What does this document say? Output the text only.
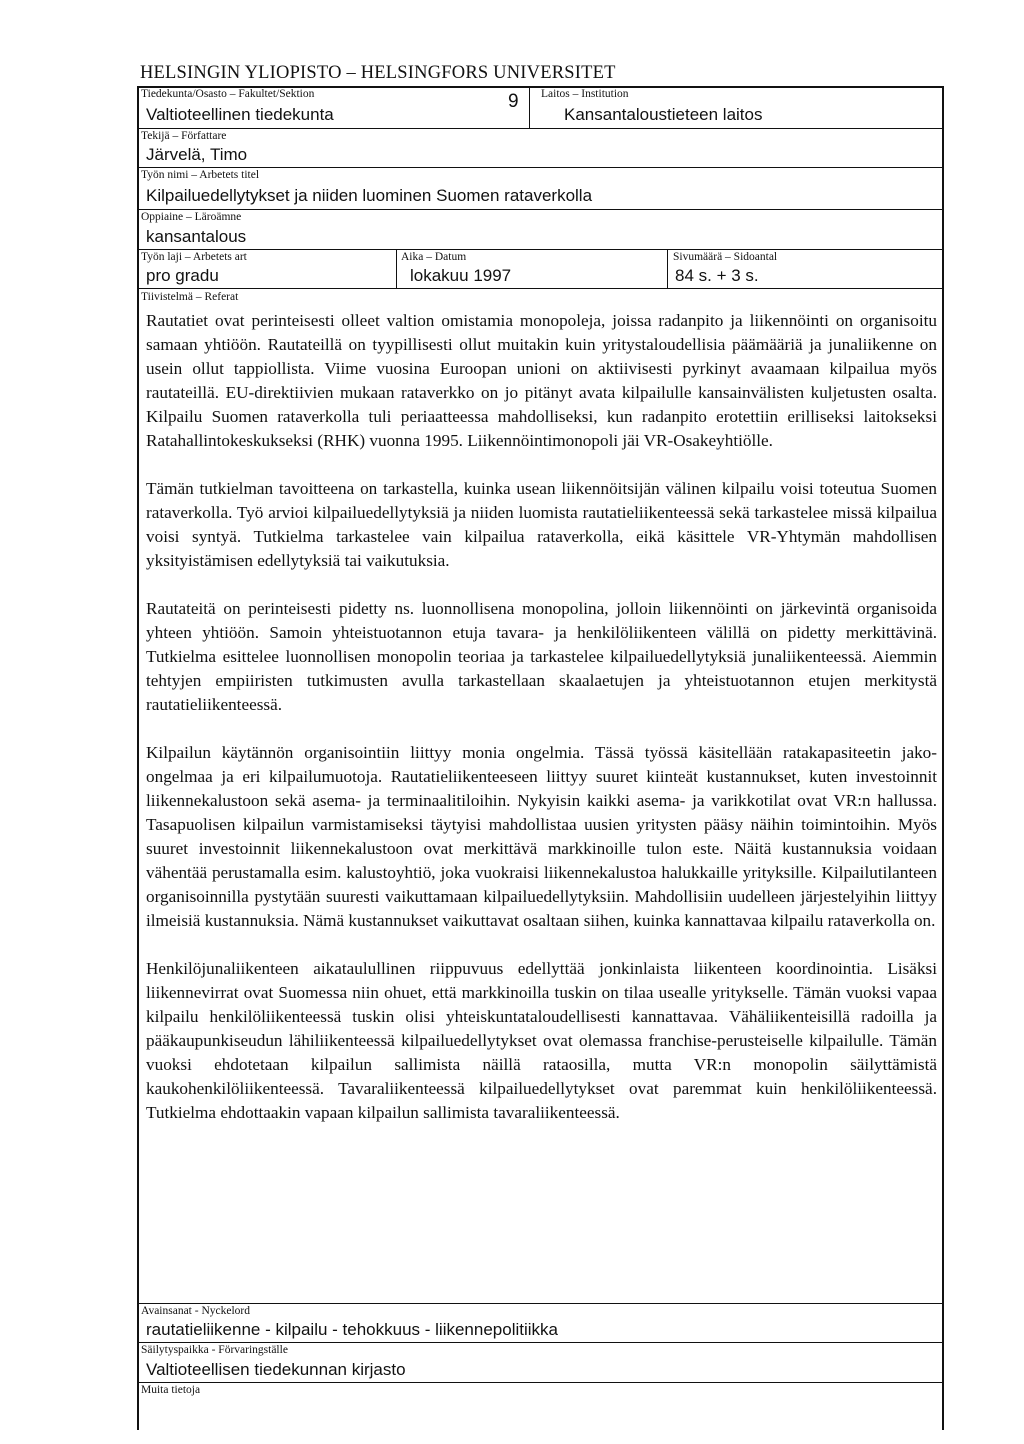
HELSINGIN YLIOPISTO – HELSINGFORS UNIVERSITET
Tiedekunta/Osasto – Fakultet/Sektion
Valtioteellinen tiedekunta
9 Laitos – Institution
Kansantaloustieteen laitos
Tekijä – Författare
Järvelä, Timo
Työn nimi – Arbetets titel
Kilpailuedellytykset ja niiden luominen Suomen rataverkolla
Oppiaine – Läroämne
kansantalous
Työn laji – Arbetets art
pro gradu
Aika – Datum
lokakuu 1997
Sivumäärä – Sidoantal
84 s. + 3 s.
Tiivistelmä – Referat

Rautatiet ovat perinteisesti olleet valtion omistamia monopoleja, joissa radanpito ja liikennöinti on organisoitu samaan yhtiöön. Rautateillä on tyypillisesti ollut muitakin kuin yritystaloudellisia päämääriä ja junaliikenne on usein ollut tappiollista. Viime vuosina Euroopan unioni on aktiivisesti pyrkinyt avaamaan kilpailua myös rautateillä. EU-direktiivien mukaan rataverkko on jo pitänyt avata kilpailulle kansainvälisten kuljetusten osalta. Kilpailu Suomen rataverkolla tuli periaatteessa mahdolliseksi, kun radanpito erotettiin erilliseksi laitokseksi Ratahallintokeskukseksi (RHK) vuonna 1995. Liikennöintimonopoli jäi VR-Osakeyhtiölle.

Tämän tutkielman tavoitteena on tarkastella, kuinka usean liikennöitsijän välinen kilpailu voisi toteutua Suomen rataverkolla. Työ arvioi kilpailuedellytyksiä ja niiden luomista rautatieliikenteessä sekä tarkastelee missä kilpailua voisi syntyä. Tutkielma tarkastelee vain kilpailua rataverkolla, eikä käsittele VR-Yhtymän mahdollisen yksityistämisen edellytyksiä tai vaikutuksia.

Rautateitä on perinteisesti pidetty ns. luonnollisena monopolina, jolloin liikennöinti on järkevintä organisoida yhteen yhtiöön. Samoin yhteistuotannon etuja tavara- ja henkilöliikenteen välillä on pidetty merkittävinä. Tutkielma esittelee luonnollisen monopolin teoriaa ja tarkastelee kilpailuedellytyksiä junaliikenteessä. Aiemmin tehtyjen empiiristen tutkimusten avulla tarkastellaan skaalaetujen ja yhteistuotannon etujen merkitystä rautatieliikenteessä.

Kilpailun käytännön organisointiin liittyy monia ongelmia. Tässä työssä käsitellään ratakapasiteetin jako-ongelmaa ja eri kilpailumuotoja. Rautatieliikenteeseen liittyy suuret kiinteät kustannukset, kuten investoinnit liikennekalustoon sekä asema- ja terminaalitiloihin. Nykyisin kaikki asema- ja varikkotilat ovat VR:n hallussa. Tasapuolisen kilpailun varmistamiseksi täytyisi mahdollistaa uusien yritysten pääsy näihin toimintoihin. Myös suuret investoinnit liikennekalustoon ovat merkittävä markkinoille tulon este. Näitä kustannuksia voidaan vähentää perustamalla esim. kalustoyhtiö, joka vuokraisi liikennekalustoa halukkaille yrityksille. Kilpailutilanteen organisoinnilla pystytään suuresti vaikuttamaan kilpailuedellytyksiin. Mahdollisiin uudelleen järjestelyihin liittyy ilmeisiä kustannuksia. Nämä kustannukset vaikuttavat osaltaan siihen, kuinka kannattavaa kilpailu rataverkolla on.

Henkilöjunaliikenteen aikataulullinen riippuvuus edellyttää jonkinlaista liikenteen koordinointia. Lisäksi liikennevirrat ovat Suomessa niin ohuet, että markkinoilla tuskin on tilaa usealle yritykselle. Tämän vuoksi vapaa kilpailu henkilöliikenteessä tuskin olisi yhteiskuntataloudellisesti kannattavaa. Vähäliikenteisillä radoilla ja pääkaupunkiseudun lähiliikenteessä kilpailuedellytykset ovat olemassa franchise-perusteiselle kilpailulle. Tämän vuoksi ehdotetaan kilpailun sallimista näillä rataosilla, mutta VR:n monopolin säilyttämistä kaukohenkilöliikenteessä. Tavaraliikenteessä kilpailuedellytykset ovat paremmat kuin henkilöliikenteessä. Tutkielma ehdottaakin vapaan kilpailun sallimista tavaraliikenteessä.

Avainsanat - Nyckelord
rautatieliikenne - kilpailu - tehokkuus - liikennepolitiikka
Säilytyspaikka - Förvaringställe
Valtioteellisen tiedekunnan kirjasto
Muita tietoja
